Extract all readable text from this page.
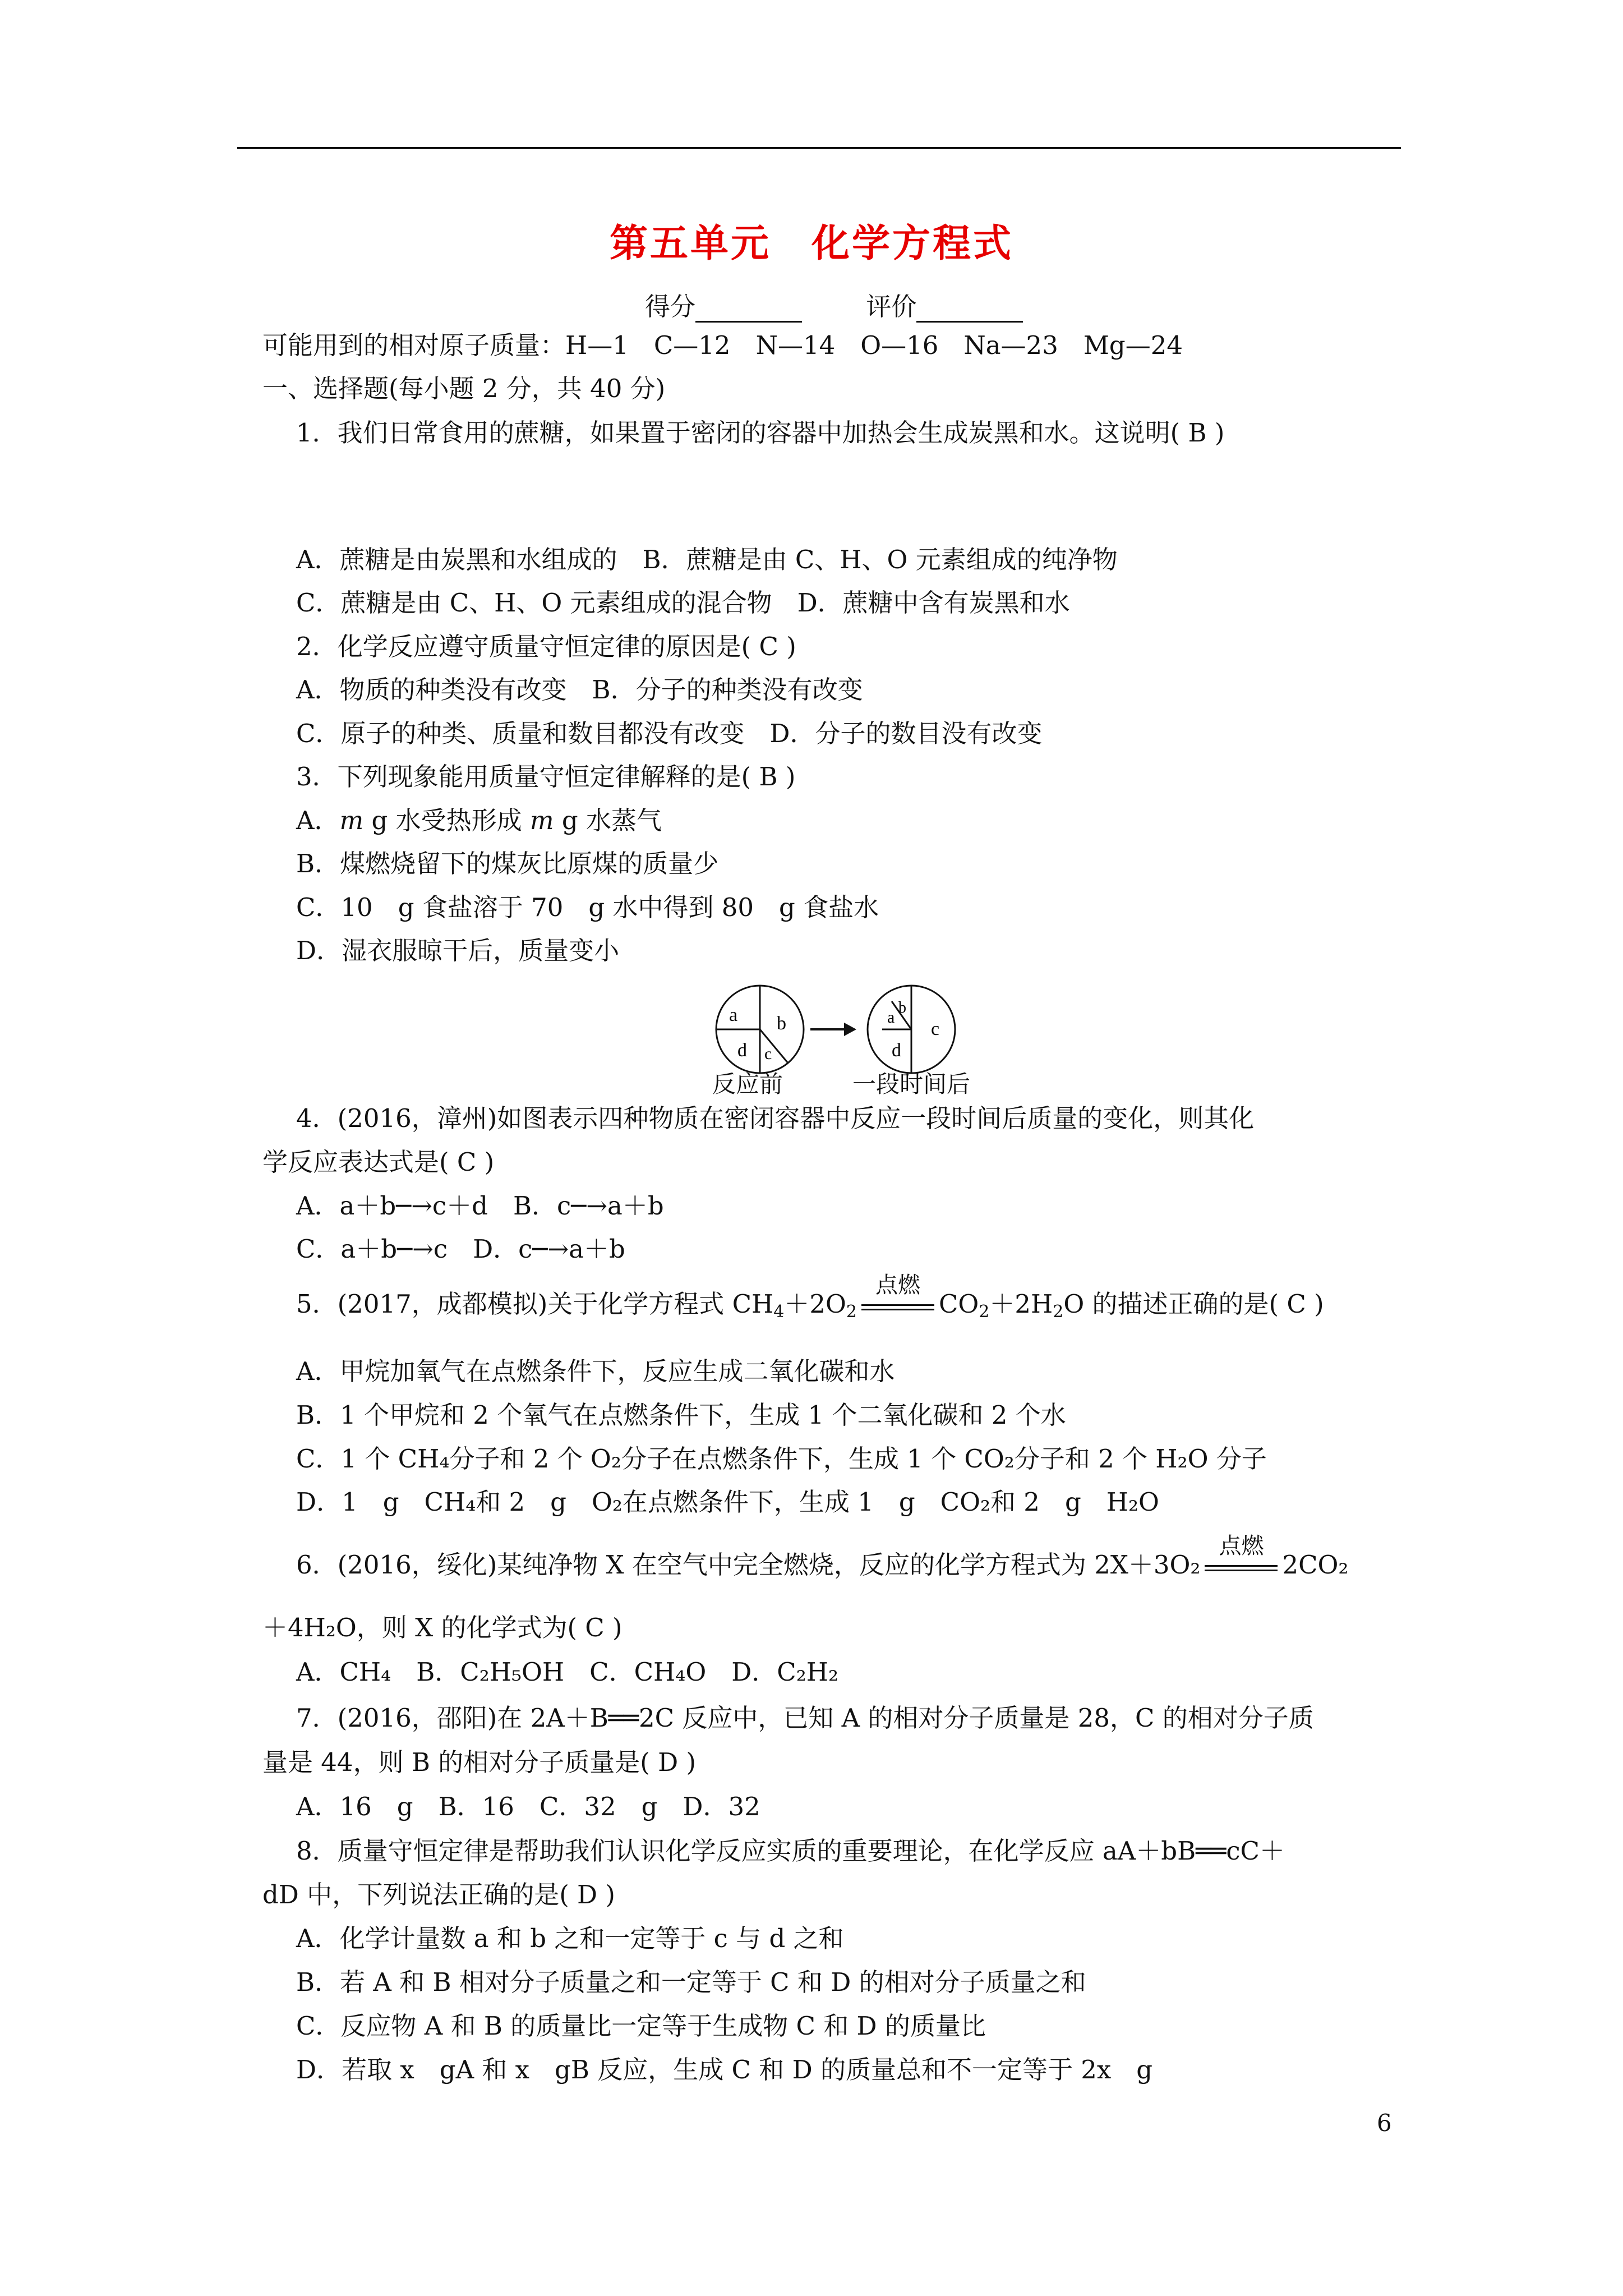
第五单元　化学方程式
得分	评价
可能用到的相对原子质量：H—1　C—12　N—14　O—16　Na—23　Mg—24
一、选择题(每小题 2 分，共 40 分)
1．我们日常食用的蔗糖，如果置于密闭的容器中加热会生成炭黑和水。这说明( B )
A．蔗糖是由炭黑和水组成的　B．蔗糖是由 C、H、O 元素组成的纯净物
C．蔗糖是由 C、H、O 元素组成的混合物　D．蔗糖中含有炭黑和水
2．化学反应遵守质量守恒定律的原因是( C )
A．物质的种类没有改变　B．分子的种类没有改变
C．原子的种类、质量和数目都没有改变　D．分子的数目没有改变
3．下列现象能用质量守恒定律解释的是( B )
A．m g 水受热形成 m g 水蒸气
B．煤燃烧留下的煤灰比原煤的质量少
C．10　g 食盐溶于 70　g 水中得到 80　g 食盐水
D．湿衣服晾干后，质量变小
a b
c
d
a
b
c
d
反应前	一段时间后
4．(2016，漳州)如图表示四种物质在密闭容器中反应一段时间后质量的变化，则其化
学反应表达式是( C )
A．a＋b─→c＋d　B．c─→a＋b
C．a＋b─→c　D．c─→a＋b
5．(2017，成都模拟)关于化学方程式 $CH_4+2O_2$
点燃
$CO_2+2H_2O$ 的描述正确的是( C )
A．甲烷加氧气在点燃条件下，反应生成二氧化碳和水
B．1 个甲烷和 2 个氧气在点燃条件下，生成 1 个二氧化碳和 2 个水
C．1 个 CH₄分子和 2 个 O₂分子在点燃条件下，生成 1 个 CO₂分子和 2 个 H₂O 分子
D．1　g　CH₄和 2　g　O₂在点燃条件下，生成 1　g　CO₂和 2　g　H₂O
6．(2016，绥化)某纯净物 X 在空气中完全燃烧，反应的化学方程式为 2X＋3O₂
点燃
2CO₂
＋4H₂O，则 X 的化学式为( C )
A．CH₄　B．C₂H₅OH　C．CH₄O　D．C₂H₂
7．(2016，邵阳)在 2A＋B══2C 反应中，已知 A 的相对分子质量是 28，C 的相对分子质
量是 44，则 B 的相对分子质量是( D )
A．16　g　B．16　C．32　g　D．32
8．质量守恒定律是帮助我们认识化学反应实质的重要理论，在化学反应 aA＋bB══cC＋
dD 中，下列说法正确的是( D )
A．化学计量数 a 和 b 之和一定等于 c 与 d 之和
B．若 A 和 B 相对分子质量之和一定等于 C 和 D 的相对分子质量之和
C．反应物 A 和 B 的质量比一定等于生成物 C 和 D 的质量比
D．若取 x　gA 和 x　gB 反应，生成 C 和 D 的质量总和不一定等于 2x　g
6
